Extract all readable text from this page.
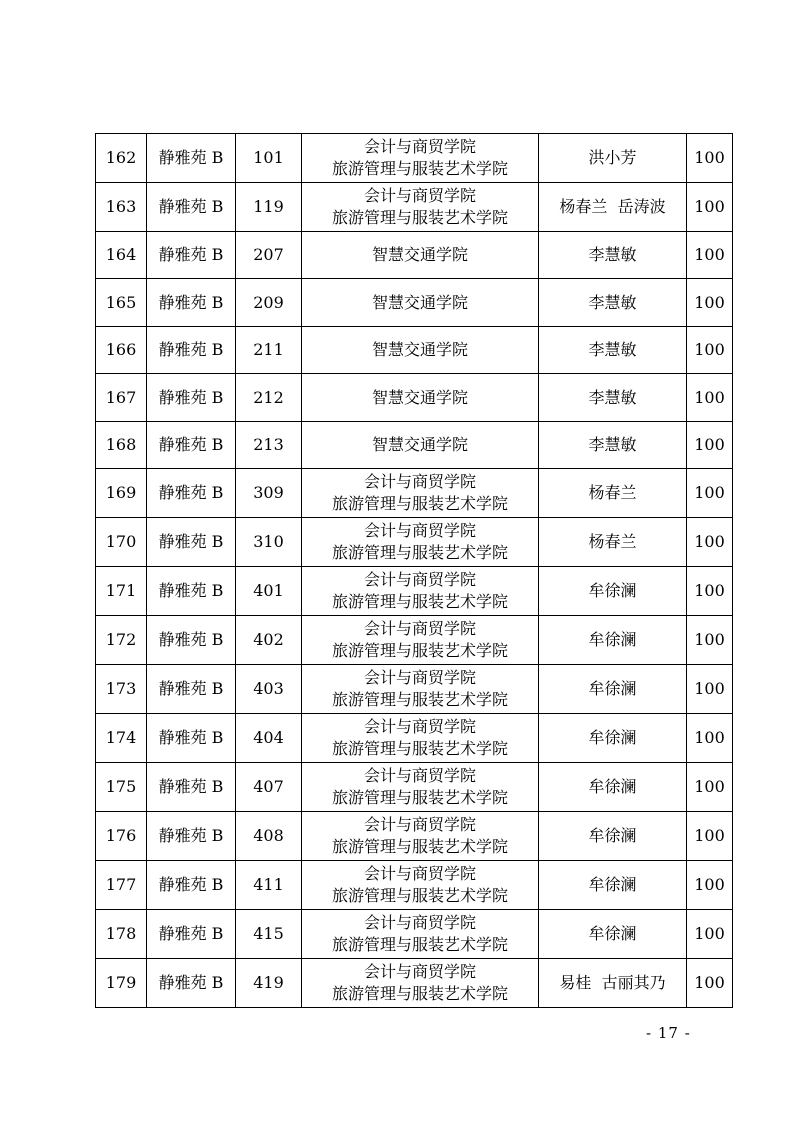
162	静雅苑 B	101	会计与商贸学院
旅游管理与服装艺术学院	洪小芳	100
163	静雅苑 B	119	会计与商贸学院
旅游管理与服装艺术学院	杨春兰  岳涛波	100
164	静雅苑 B	207	智慧交通学院	李慧敏	100
165	静雅苑 B	209	智慧交通学院	李慧敏	100
166	静雅苑 B	211	智慧交通学院	李慧敏	100
167	静雅苑 B	212	智慧交通学院	李慧敏	100
168	静雅苑 B	213	智慧交通学院	李慧敏	100
169	静雅苑 B	309	会计与商贸学院
旅游管理与服装艺术学院	杨春兰	100
170	静雅苑 B	310	会计与商贸学院
旅游管理与服装艺术学院	杨春兰	100
171	静雅苑 B	401	会计与商贸学院
旅游管理与服装艺术学院	牟徐澜	100
172	静雅苑 B	402	会计与商贸学院
旅游管理与服装艺术学院	牟徐澜	100
173	静雅苑 B	403	会计与商贸学院
旅游管理与服装艺术学院	牟徐澜	100
174	静雅苑 B	404	会计与商贸学院
旅游管理与服装艺术学院	牟徐澜	100
175	静雅苑 B	407	会计与商贸学院
旅游管理与服装艺术学院	牟徐澜	100
176	静雅苑 B	408	会计与商贸学院
旅游管理与服装艺术学院	牟徐澜	100
177	静雅苑 B	411	会计与商贸学院
旅游管理与服装艺术学院	牟徐澜	100
178	静雅苑 B	415	会计与商贸学院
旅游管理与服装艺术学院	牟徐澜	100
179	静雅苑 B	419	会计与商贸学院
旅游管理与服装艺术学院	易桂  古丽其乃	100
- 17 -
